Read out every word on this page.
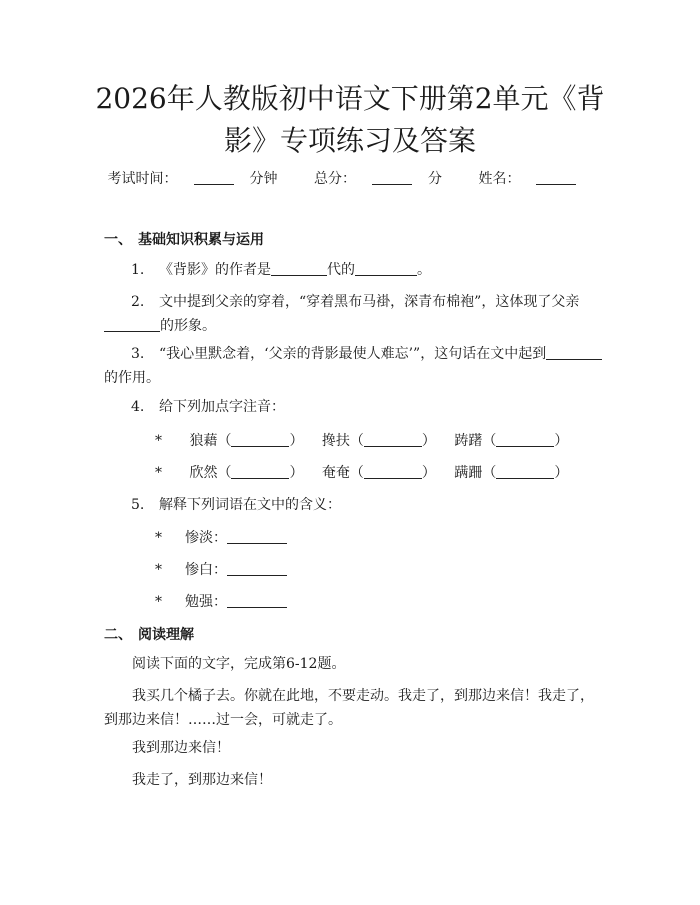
2026年人教版初中语文下册第2单元《背影》专项练习及答案
考试时间：	分钟	总分：	分	姓名：
一、 基础知识积累与运用
1. 《背影》的作者是	代的	。
2. 文中提到父亲的穿着，“穿着黑布马褂，深青布棉袍”，这体现了父亲的形象。
3. “我心里默念着，‘父亲的背影最使人难忘’”，这句话在文中起到的作用。
4. 给下列加点字注音：
* 狼藉（	） 搀扶（	） 踌躇（	）
* 欣然（	） 奄奄（	） 蹒跚（	）
5. 解释下列词语在文中的含义：
* 惨淡：
* 惨白：
* 勉强：
二、 阅读理解
阅读下面的文字，完成第6-12题。
我买几个橘子去。你就在此地，不要走动。我走了，到那边来信！我走了，到那边来信！……过一会，可就走了。
我到那边来信！
我走了，到那边来信！
